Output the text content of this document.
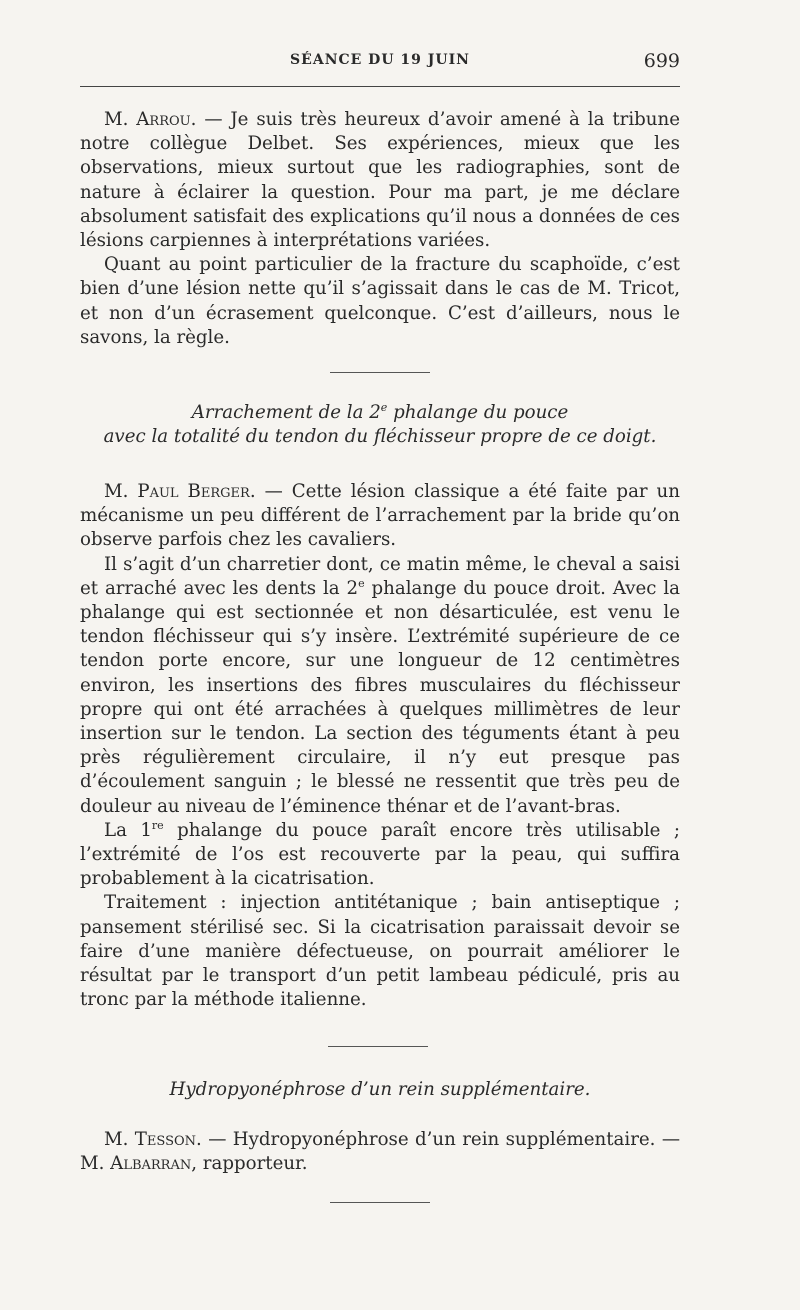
SÉANCE DU 19 JUIN	699

M. Arrou. — Je suis très heureux d’avoir amené à la tribune notre collègue Delbet. Ses expériences, mieux que les observations, mieux surtout que les radiographies, sont de nature à éclairer la question. Pour ma part, je me déclare absolument satisfait des explications qu’il nous a données de ces lésions carpiennes à interprétations variées.

Quant au point particulier de la fracture du scaphoïde, c’est bien d’une lésion nette qu’il s’agissait dans le cas de M. Tricot, et non d’un écrasement quelconque. C’est d’ailleurs, nous le savons, la règle.

Arrachement de la 2e phalange du pouce
avec la totalité du tendon du fléchisseur propre de ce doigt.

M. Paul Berger. — Cette lésion classique a été faite par un mécanisme un peu différent de l’arrachement par la bride qu’on observe parfois chez les cavaliers.

Il s’agit d’un charretier dont, ce matin même, le cheval a saisi et arraché avec les dents la 2e phalange du pouce droit. Avec la phalange qui est sectionnée et non désarticulée, est venu le tendon fléchisseur qui s’y insère. L’extrémité supérieure de ce tendon porte encore, sur une longueur de 12 centimètres environ, les insertions des fibres musculaires du fléchisseur propre qui ont été arrachées à quelques millimètres de leur insertion sur le tendon. La section des téguments étant à peu près régulièrement circulaire, il n’y eut presque pas d’écoulement sanguin ; le blessé ne ressentit que très peu de douleur au niveau de l’éminence thénar et de l’avant-bras.

La 1re phalange du pouce paraît encore très utilisable ; l’extrémité de l’os est recouverte par la peau, qui suffira probablement à la cicatrisation.

Traitement : injection antitétanique ; bain antiseptique ; pansement stérilisé sec. Si la cicatrisation paraissait devoir se faire d’une manière défectueuse, on pourrait améliorer le résultat par le transport d’un petit lambeau pédiculé, pris au tronc par la méthode italienne.

Hydropyonéphrose d’un rein supplémentaire.

M. Tesson. — Hydropyonéphrose d’un rein supplémentaire. — M. Albarran, rapporteur.
